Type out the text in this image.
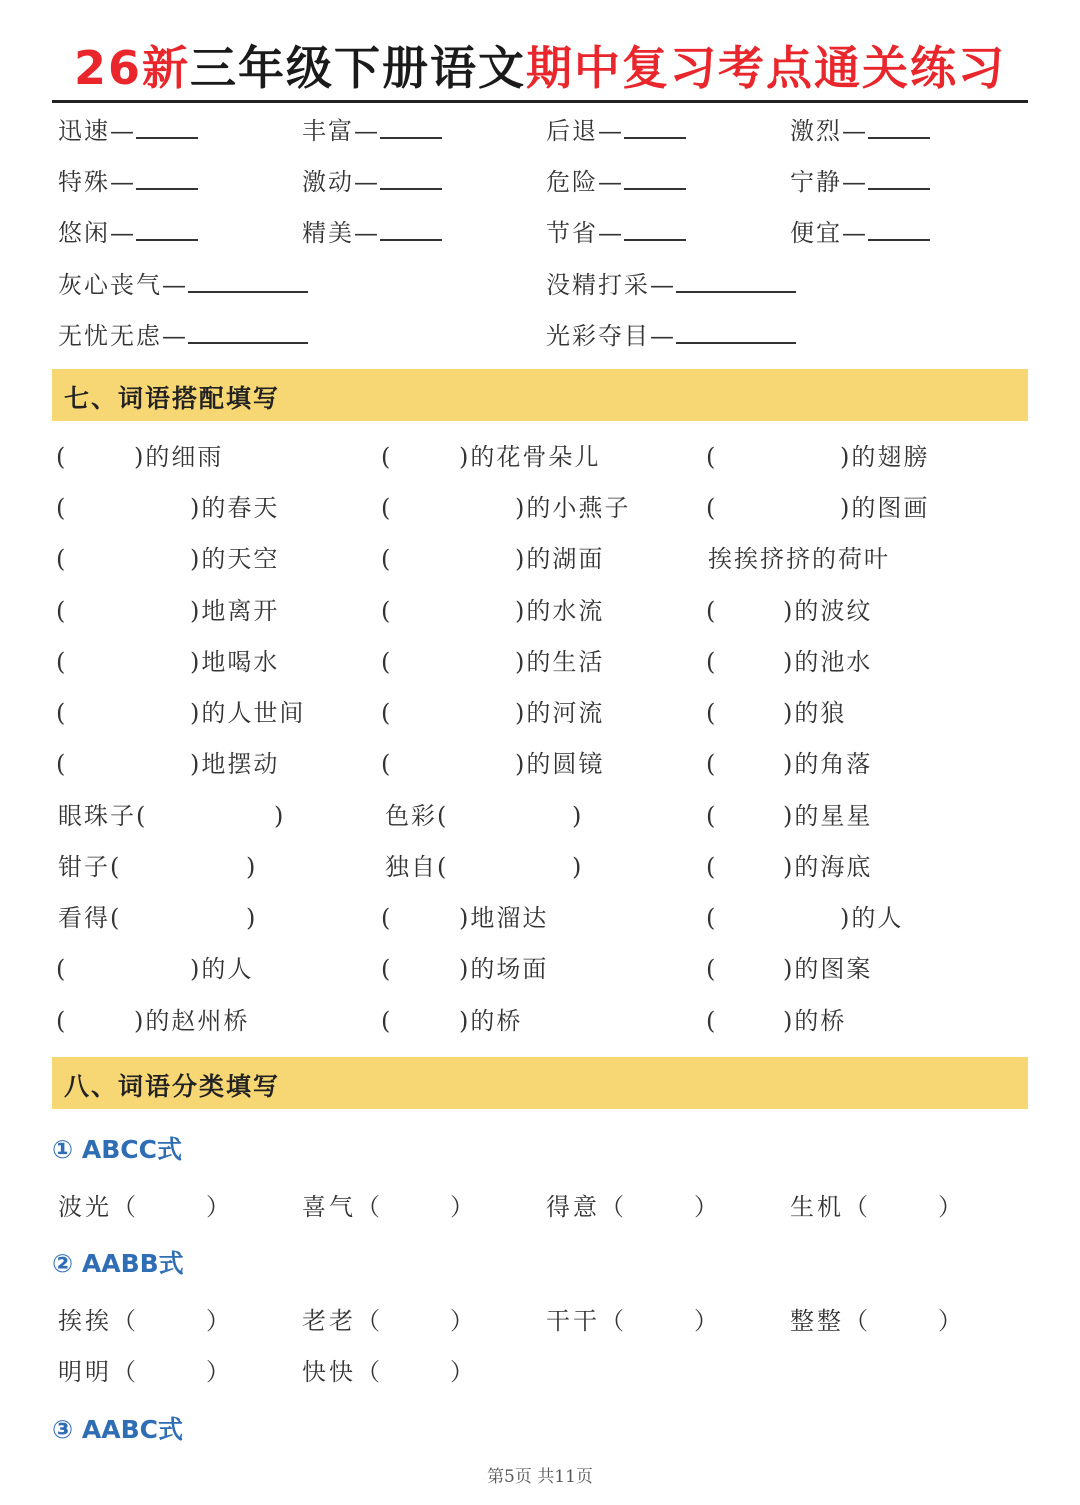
26新三年级下册语文期中复习考点通关练习
迅速—	丰富—	后退—	激烈—
特殊—	激动—	危险—	宁静—
悠闲—	精美—	节省—	便宜—
灰心丧气—	没精打采—
无忧无虑—	光彩夺目—
七、词语搭配填写
(	)的细雨	(	)的花骨朵儿	(	)的翅膀
(	)的春天	(	)的小燕子	(	)的图画
(	)的天空	(	)的湖面	挨挨挤挤的荷叶
(	)地离开	(	)的水流	(	)的波纹
(	)地喝水	(	)的生活	(	)的池水
(	)的人世间	(	)的河流	(	)的狼
(	)地摆动	(	)的圆镜	(	)的角落
眼珠子(	)	色彩(	)	(	)的星星
钳子(	)	独自(	)	(	)的海底
看得(	)	(	)地溜达	(	)的人
(	)的人	(	)的场面	(	)的图案
(	)的赵州桥	(	)的桥	(	)的桥
八、词语分类填写
① ABCC式
波光（	）	喜气（	）	得意（	）	生机（	）
② AABB式
挨挨（	）	老老（	）	干干（	）	整整（	）
明明（	）	快快（	）
③ AABC式
第5页 共11页
